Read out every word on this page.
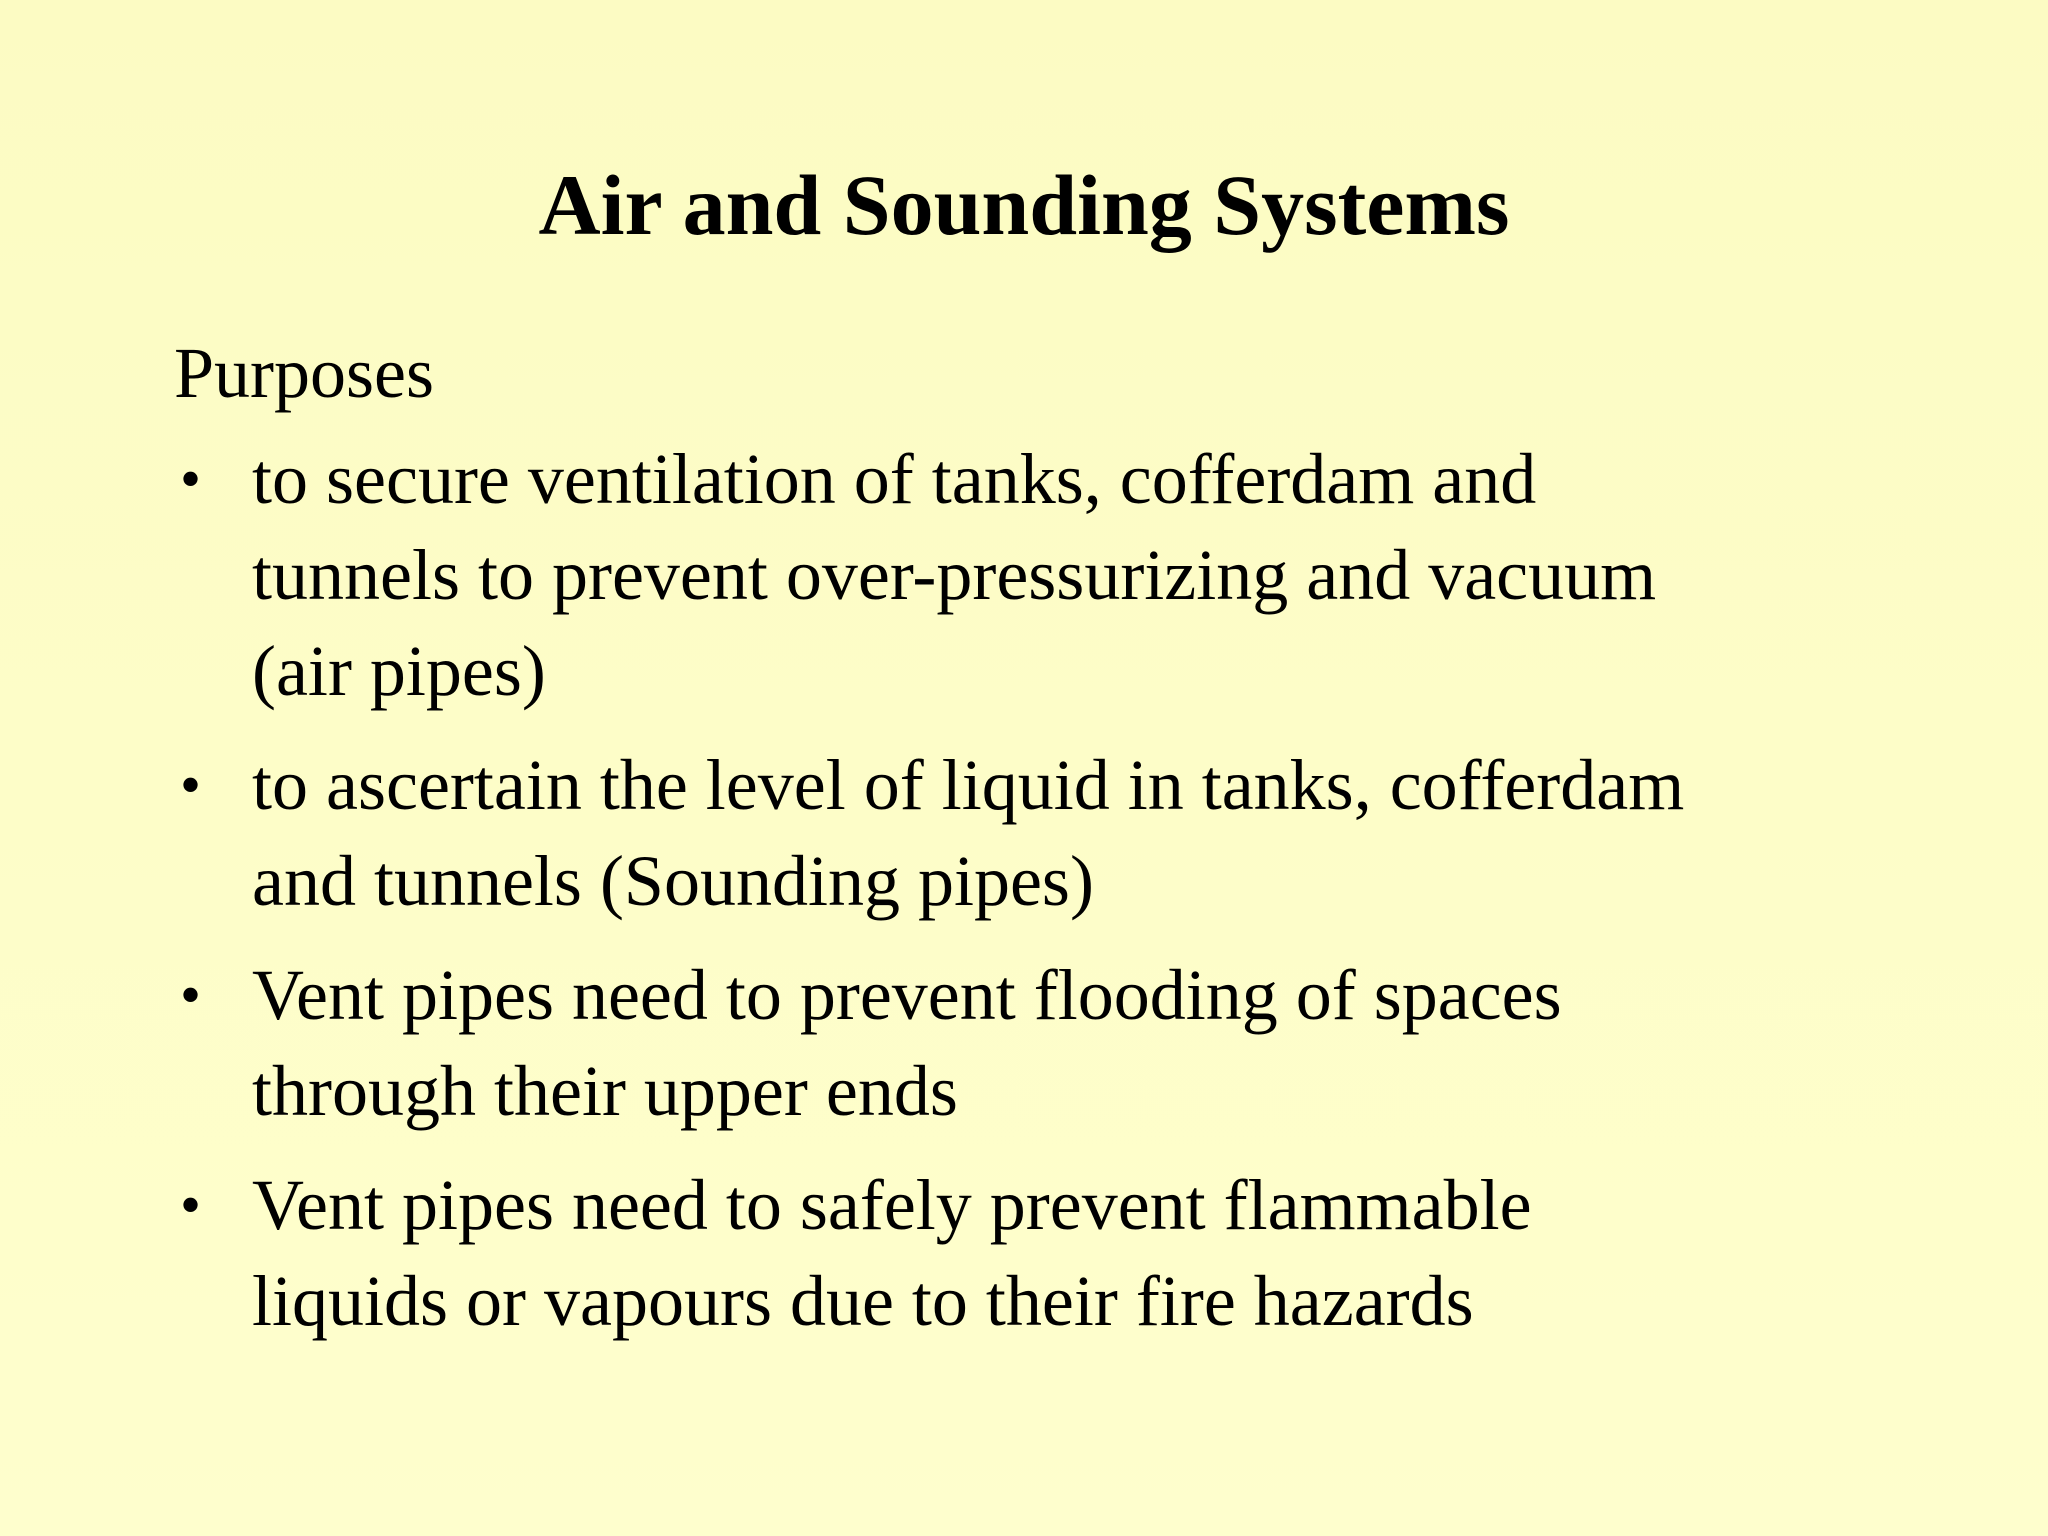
Air and Sounding Systems
Purposes
• to secure ventilation of tanks, cofferdam and
tunnels to prevent over-pressurizing and vacuum
(air pipes)
• to ascertain the level of liquid in tanks, cofferdam
and tunnels (Sounding pipes)
• Vent pipes need to prevent flooding of spaces
through their upper ends
• Vent pipes need to safely prevent flammable
liquids or vapours due to their fire hazards
